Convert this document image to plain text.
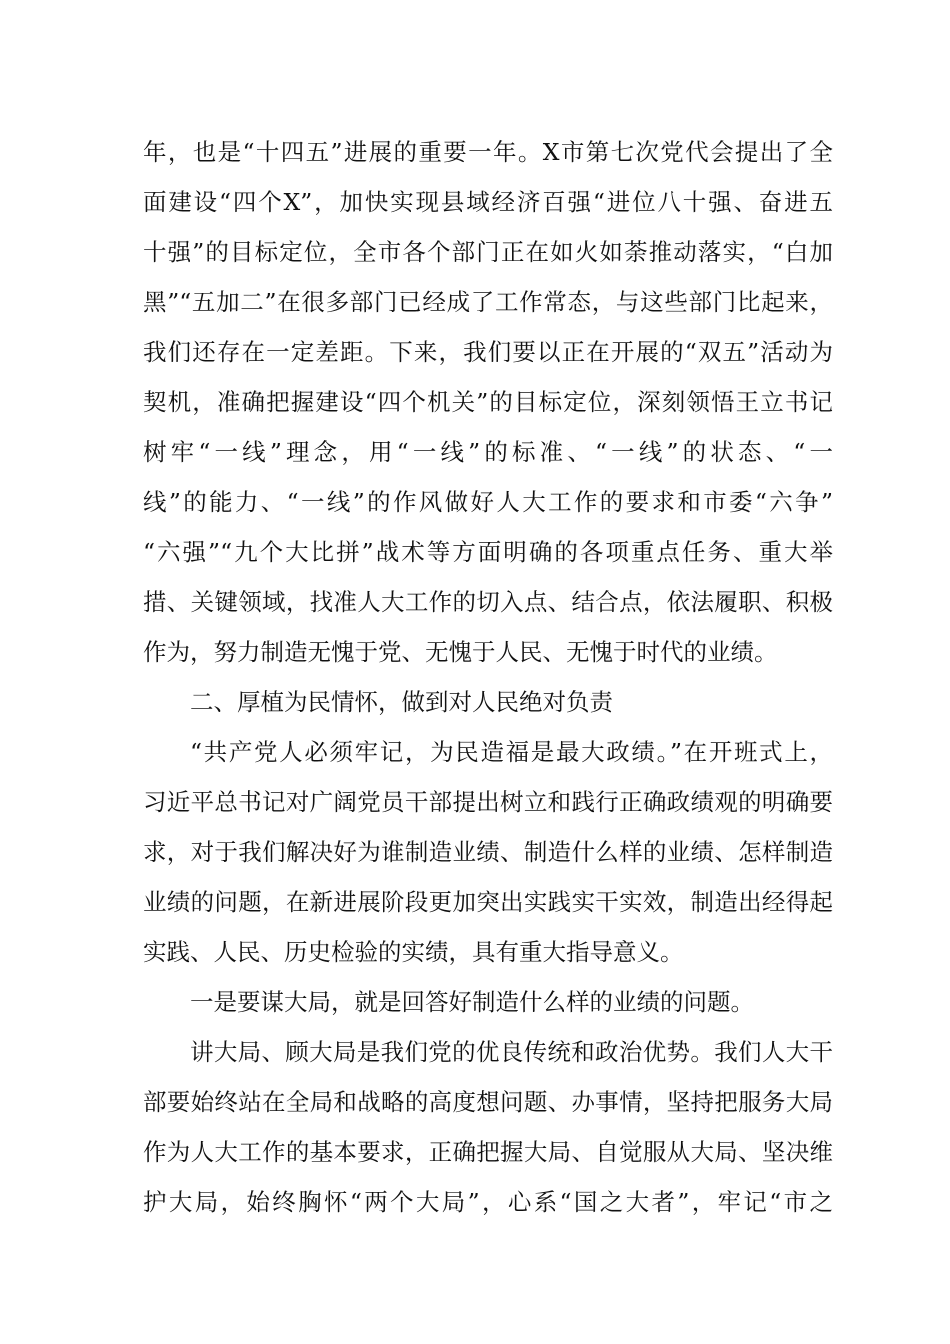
年，也是“十四五”进展的重要一年。X市第七次党代会提出了全
面建设“四个X”，加快实现县域经济百强“进位八十强、奋进五
十强”的目标定位，全市各个部门正在如火如荼推动落实，“白加
黑”“五加二”在很多部门已经成了工作常态，与这些部门比起来，
我们还存在一定差距。下来，我们要以正在开展的“双五”活动为
契机，准确把握建设“四个机关”的目标定位，深刻领悟王立书记
树牢“一线”理念，用“一线”的标准、“一线”的状态、“一
线”的能力、“一线”的作风做好人大工作的要求和市委“六争”
“六强”“九个大比拼”战术等方面明确的各项重点任务、重大举
措、关键领域，找准人大工作的切入点、结合点，依法履职、积极
作为，努力制造无愧于党、无愧于人民、无愧于时代的业绩。
二、厚植为民情怀，做到对人民绝对负责
“共产党人必须牢记，为民造福是最大政绩。”在开班式上，
习近平总书记对广阔党员干部提出树立和践行正确政绩观的明确要
求，对于我们解决好为谁制造业绩、制造什么样的业绩、怎样制造
业绩的问题，在新进展阶段更加突出实践实干实效，制造出经得起
实践、人民、历史检验的实绩，具有重大指导意义。
一是要谋大局，就是回答好制造什么样的业绩的问题。
讲大局、顾大局是我们党的优良传统和政治优势。我们人大干
部要始终站在全局和战略的高度想问题、办事情，坚持把服务大局
作为人大工作的基本要求，正确把握大局、自觉服从大局、坚决维
护大局，始终胸怀“两个大局”，心系“国之大者”，牢记“市之
